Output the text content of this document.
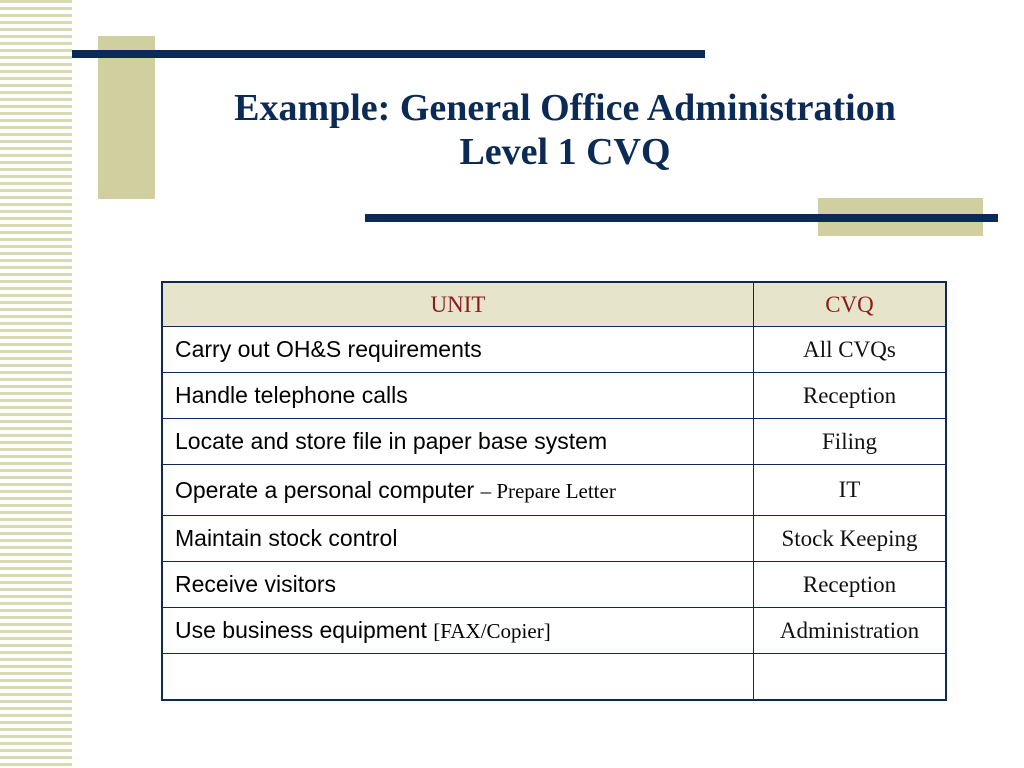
Example: General Office Administration
Level 1 CVQ
UNIT	CVQ
Carry out OH&S requirements	All CVQs
Handle telephone calls	Reception
Locate and store file in paper base system	Filing
Operate a personal computer – Prepare Letter	IT
Maintain stock control	Stock Keeping
Receive visitors	Reception
Use business equipment [FAX/Copier]	Administration
